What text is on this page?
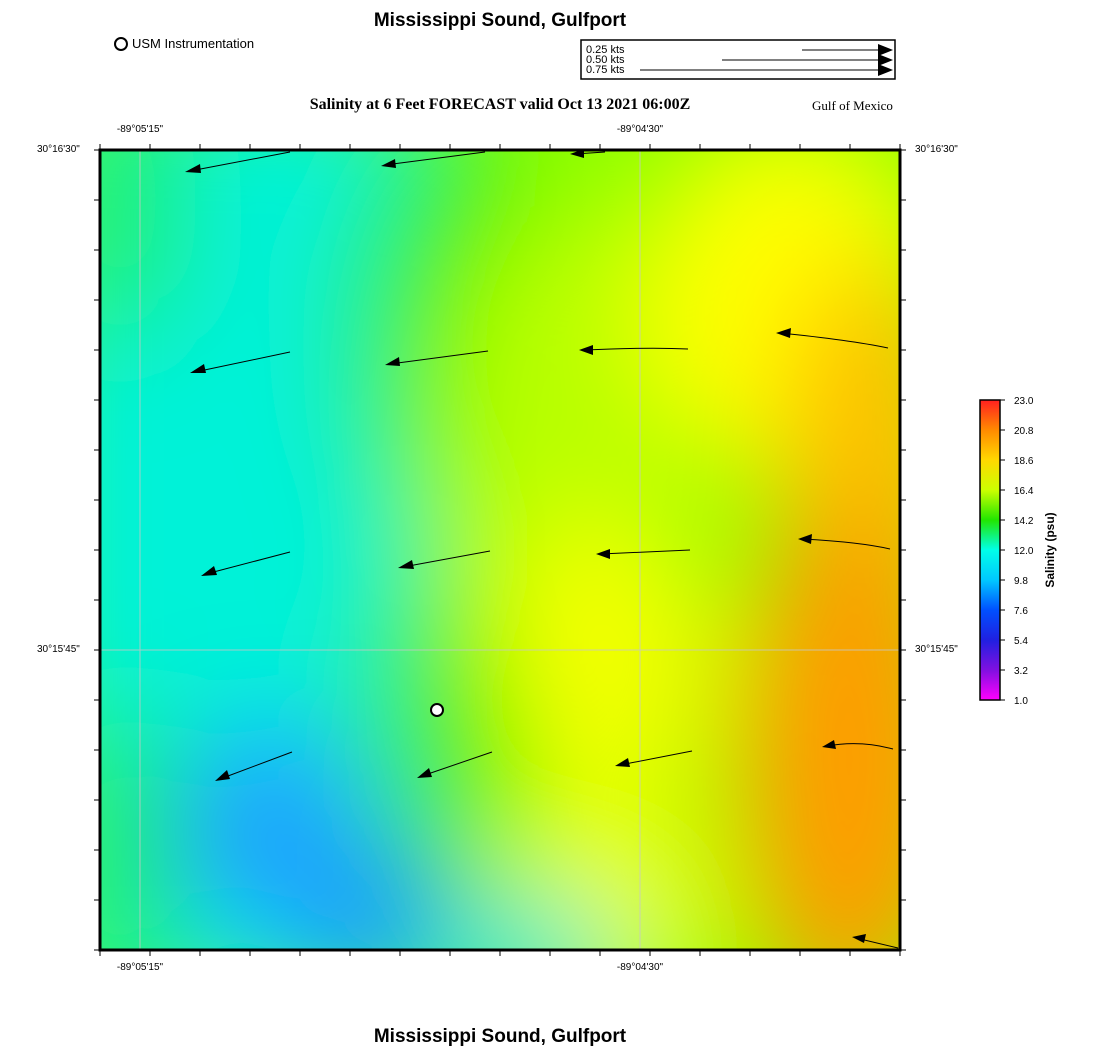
Mississippi Sound, Gulfport
USM Instrumentation
Salinity at 6 Feet FORECAST valid Oct 13 2021 06:00Z	Gulf of Mexico
0.25 kts
0.50 kts
0.75 kts
-89°05'15"	-89°04'30"
-89°05'15"	-89°04'30"
30°16'30"
30°15'45"
30°16'30"
30°15'45"
23.0
20.8
18.6
16.4
14.2
12.0
9.8
7.6
5.4
3.2
1.0
Salinity (psu)
Mississippi Sound, Gulfport
